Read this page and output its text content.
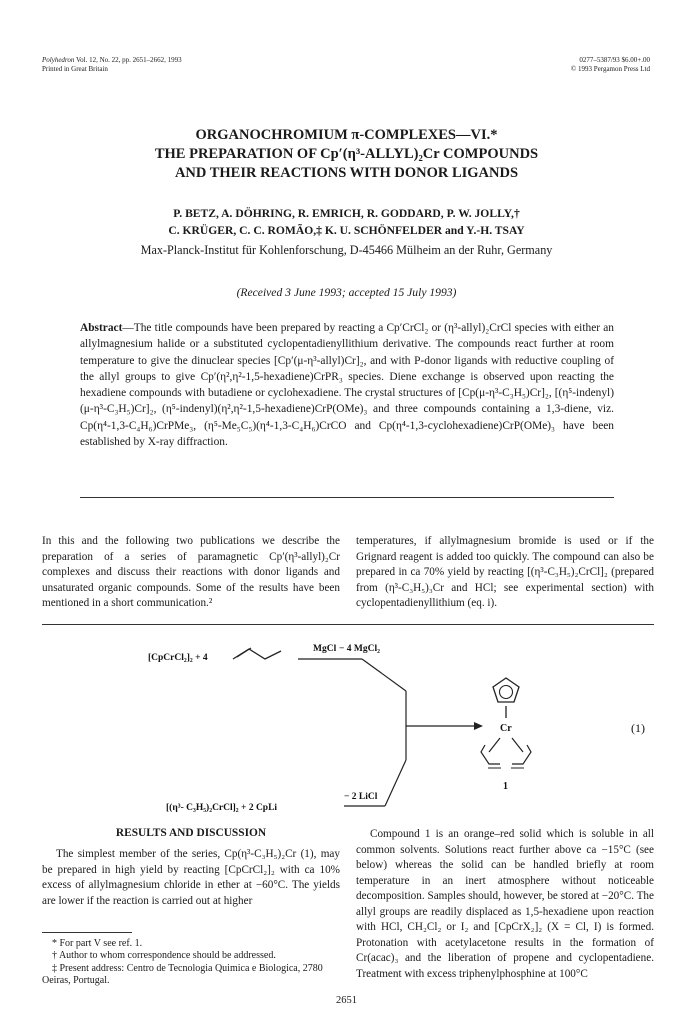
Polyhedron Vol. 12, No. 22, pp. 2651–2662, 1993
Printed in Great Britain
0277–5387/93 $6.00+.00
© 1993 Pergamon Press Ltd
ORGANOCHROMIUM π-COMPLEXES—VI.*
THE PREPARATION OF Cp′(η³-ALLYL)₂Cr COMPOUNDS
AND THEIR REACTIONS WITH DONOR LIGANDS
P. BETZ, A. DÖHRING, R. EMRICH, R. GODDARD, P. W. JOLLY,†
C. KRÜGER, C. C. ROMÃO,‡ K. U. SCHÖNFELDER and Y.-H. TSAY
Max-Planck-Institut für Kohlenforschung, D-45466 Mülheim an der Ruhr, Germany
(Received 3 June 1993; accepted 15 July 1993)
Abstract—The title compounds have been prepared by reacting a Cp′CrCl₂ or (η³-allyl)₂CrCl species with either an allylmagnesium halide or a substituted cyclopentadienyllithium derivative. The compounds react further at room temperature to give the dinuclear species [Cp′(μ-η³-allyl)Cr]₂, and with P-donor ligands with reductive coupling of the allyl groups to give Cp′(η²,η²-1,5-hexadiene)CrPR₃ species. Diene exchange is observed upon reacting the hexadiene compounds with butadiene or cyclohexadiene. The crystal structures of [Cp(μ-η³-C₃H₅)Cr]₂, [(η⁵-indenyl)(μ-η³-C₃H₅)Cr]₂, (η⁵-indenyl)(η²,η²-1,5-hexadiene)CrP(OMe)₃ and three compounds containing a 1,3-diene, viz. Cp(η⁴-1,3-C₄H₆)CrPMe₃, (η⁵-Me₅C₅)(η⁴-1,3-C₄H₆)CrCO and Cp(η⁴-1,3-cyclohexadiene)CrP(OMe)₃ have been established by X-ray diffraction.

In this and the following two publications we describe the preparation of a series of paramagnetic Cp′(η³-allyl)₂Cr complexes and discuss their reactions with donor ligands and unsaturated organic compounds. Some of the results have been mentioned in a short communication.²

temperatures, if allylmagnesium bromide is used or if the Grignard reagent is added too quickly. The compound can also be prepared in ca 70% yield by reacting [(η³-C₃H₅)₂CrCl]₂ (prepared from (η³-C₃H₅)₃Cr and HCl; see experimental section) with cyclopentadienyllithium (eq. i).

[CpCrCl₂]₂ + 4
MgCl − 4 MgCl₂
[(η³- C₃H₅)₂CrCl]₂ + 2 CpLi
− 2 LiCl
Cr
1
(1)
RESULTS AND DISCUSSION

The simplest member of the series, Cp(η³-C₃H₅)₂Cr (1), may be prepared in high yield by reacting [CpCrCl₂]₂ with ca 10% excess of allylmagnesium chloride in ether at −60°C. The yields are lower if the reaction is carried out at higher

Compound 1 is an orange–red solid which is soluble in all common solvents. Solutions react further above ca −15°C (see below) whereas the solid can be handled briefly at room temperature in an inert atmosphere without noticeable decomposition. Samples should, however, be stored at −20°C. The allyl groups are readily displaced as 1,5-hexadiene upon reaction with HCl, CH₂Cl₂ or I₂ and [CpCrX₂]₂ (X = Cl, I) is formed. Protonation with acetylacetone results in the formation of Cr(acac)₃ and the liberation of propene and cyclopentadiene. Treatment with excess triphenylphosphine at 100°C

* For part V see ref. 1.

† Author to whom correspondence should be addressed.

‡ Present address: Centro de Tecnologia Quimica e Biologica, 2780 Oeiras, Portugal.

2651
